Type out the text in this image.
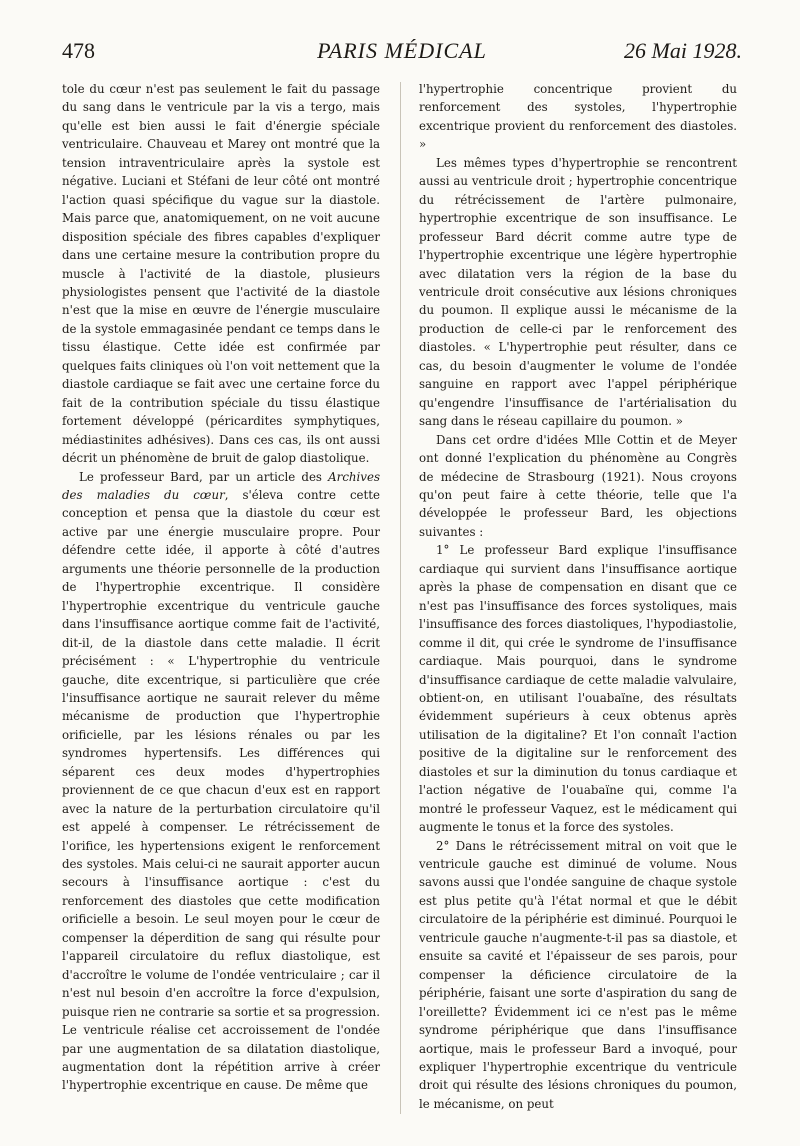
478	PARIS MÉDICAL	26 Mai 1928.

tole du cœur n'est pas seulement le fait du passage du sang dans le ventricule par la vis a tergo, mais qu'elle est bien aussi le fait d'énergie spéciale ventriculaire. Chauveau et Marey ont montré que la tension intraventriculaire après la systole est négative. Luciani et Stéfani de leur côté ont montré l'action quasi spécifique du vague sur la diastole. Mais parce que, anatomiquement, on ne voit aucune disposition spéciale des fibres capables d'expliquer dans une certaine mesure la contribution propre du muscle à l'activité de la diastole, plusieurs physiologistes pensent que l'activité de la diastole n'est que la mise en œuvre de l'énergie musculaire de la systole emmagasinée pendant ce temps dans le tissu élastique. Cette idée est confirmée par quelques faits cliniques où l'on voit nettement que la diastole cardiaque se fait avec une certaine force du fait de la contribution spéciale du tissu élastique fortement développé (péricardites symphytiques, médiastinites adhésives). Dans ces cas, ils ont aussi décrit un phénomène de bruit de galop diastolique.

Le professeur Bard, par un article des Archives des maladies du cœur, s'éleva contre cette conception et pensa que la diastole du cœur est active par une énergie musculaire propre. Pour défendre cette idée, il apporte à côté d'autres arguments une théorie personnelle de la production de l'hypertrophie excentrique. Il considère l'hypertrophie excentrique du ventricule gauche dans l'insuffisance aortique comme fait de l'activité, dit-il, de la diastole dans cette maladie. Il écrit précisément : « L'hypertrophie du ventricule gauche, dite excentrique, si particulière que crée l'insuffisance aortique ne saurait relever du même mécanisme de production que l'hypertrophie orificielle, par les lésions rénales ou par les syndromes hypertensifs. Les différences qui séparent ces deux modes d'hypertrophies proviennent de ce que chacun d'eux est en rapport avec la nature de la perturbation circulatoire qu'il est appelé à compenser. Le rétrécissement de l'orifice, les hypertensions exigent le renforcement des systoles. Mais celui-ci ne saurait apporter aucun secours à l'insuffisance aortique : c'est du renforcement des diastoles que cette modification orificielle a besoin. Le seul moyen pour le cœur de compenser la déperdition de sang qui résulte pour l'appareil circulatoire du reflux diastolique, est d'accroître le volume de l'ondée ventriculaire ; car il n'est nul besoin d'en accroître la force d'expulsion, puisque rien ne contrarie sa sortie et sa progression. Le ventricule réalise cet accroissement de l'ondée par une augmentation de sa dilatation diastolique, augmentation dont la répétition arrive à créer l'hypertrophie excentrique en cause. De même que

l'hypertrophie concentrique provient du renforcement des systoles, l'hypertrophie excentrique provient du renforcement des diastoles. »

Les mêmes types d'hypertrophie se rencontrent aussi au ventricule droit ; hypertrophie concentrique du rétrécissement de l'artère pulmonaire, hypertrophie excentrique de son insuffisance. Le professeur Bard décrit comme autre type de l'hypertrophie excentrique une légère hypertrophie avec dilatation vers la région de la base du ventricule droit consécutive aux lésions chroniques du poumon. Il explique aussi le mécanisme de la production de celle-ci par le renforcement des diastoles. « L'hypertrophie peut résulter, dans ce cas, du besoin d'augmenter le volume de l'ondée sanguine en rapport avec l'appel périphérique qu'engendre l'insuffisance de l'artérialisation du sang dans le réseau capillaire du poumon. »

Dans cet ordre d'idées Mlle Cottin et de Meyer ont donné l'explication du phénomène au Congrès de médecine de Strasbourg (1921). Nous croyons qu'on peut faire à cette théorie, telle que l'a développée le professeur Bard, les objections suivantes :

1° Le professeur Bard explique l'insuffisance cardiaque qui survient dans l'insuffisance aortique après la phase de compensation en disant que ce n'est pas l'insuffisance des forces systoliques, mais l'insuffisance des forces diastoliques, l'hypodiastolie, comme il dit, qui crée le syndrome de l'insuffisance cardiaque. Mais pourquoi, dans le syndrome d'insuffisance cardiaque de cette maladie valvulaire, obtient-on, en utilisant l'ouabaïne, des résultats évidemment supérieurs à ceux obtenus après utilisation de la digitaline? Et l'on connaît l'action positive de la digitaline sur le renforcement des diastoles et sur la diminution du tonus cardiaque et l'action négative de l'ouabaïne qui, comme l'a montré le professeur Vaquez, est le médicament qui augmente le tonus et la force des systoles.

2° Dans le rétrécissement mitral on voit que le ventricule gauche est diminué de volume. Nous savons aussi que l'ondée sanguine de chaque systole est plus petite qu'à l'état normal et que le débit circulatoire de la périphérie est diminué. Pourquoi le ventricule gauche n'augmente-t-il pas sa diastole, et ensuite sa cavité et l'épaisseur de ses parois, pour compenser la déficience circulatoire de la périphérie, faisant une sorte d'aspiration du sang de l'oreillette? Évidemment ici ce n'est pas le même syndrome périphérique que dans l'insuffisance aortique, mais le professeur Bard a invoqué, pour expliquer l'hypertrophie excentrique du ventricule droit qui résulte des lésions chroniques du poumon, le mécanisme, on peut
